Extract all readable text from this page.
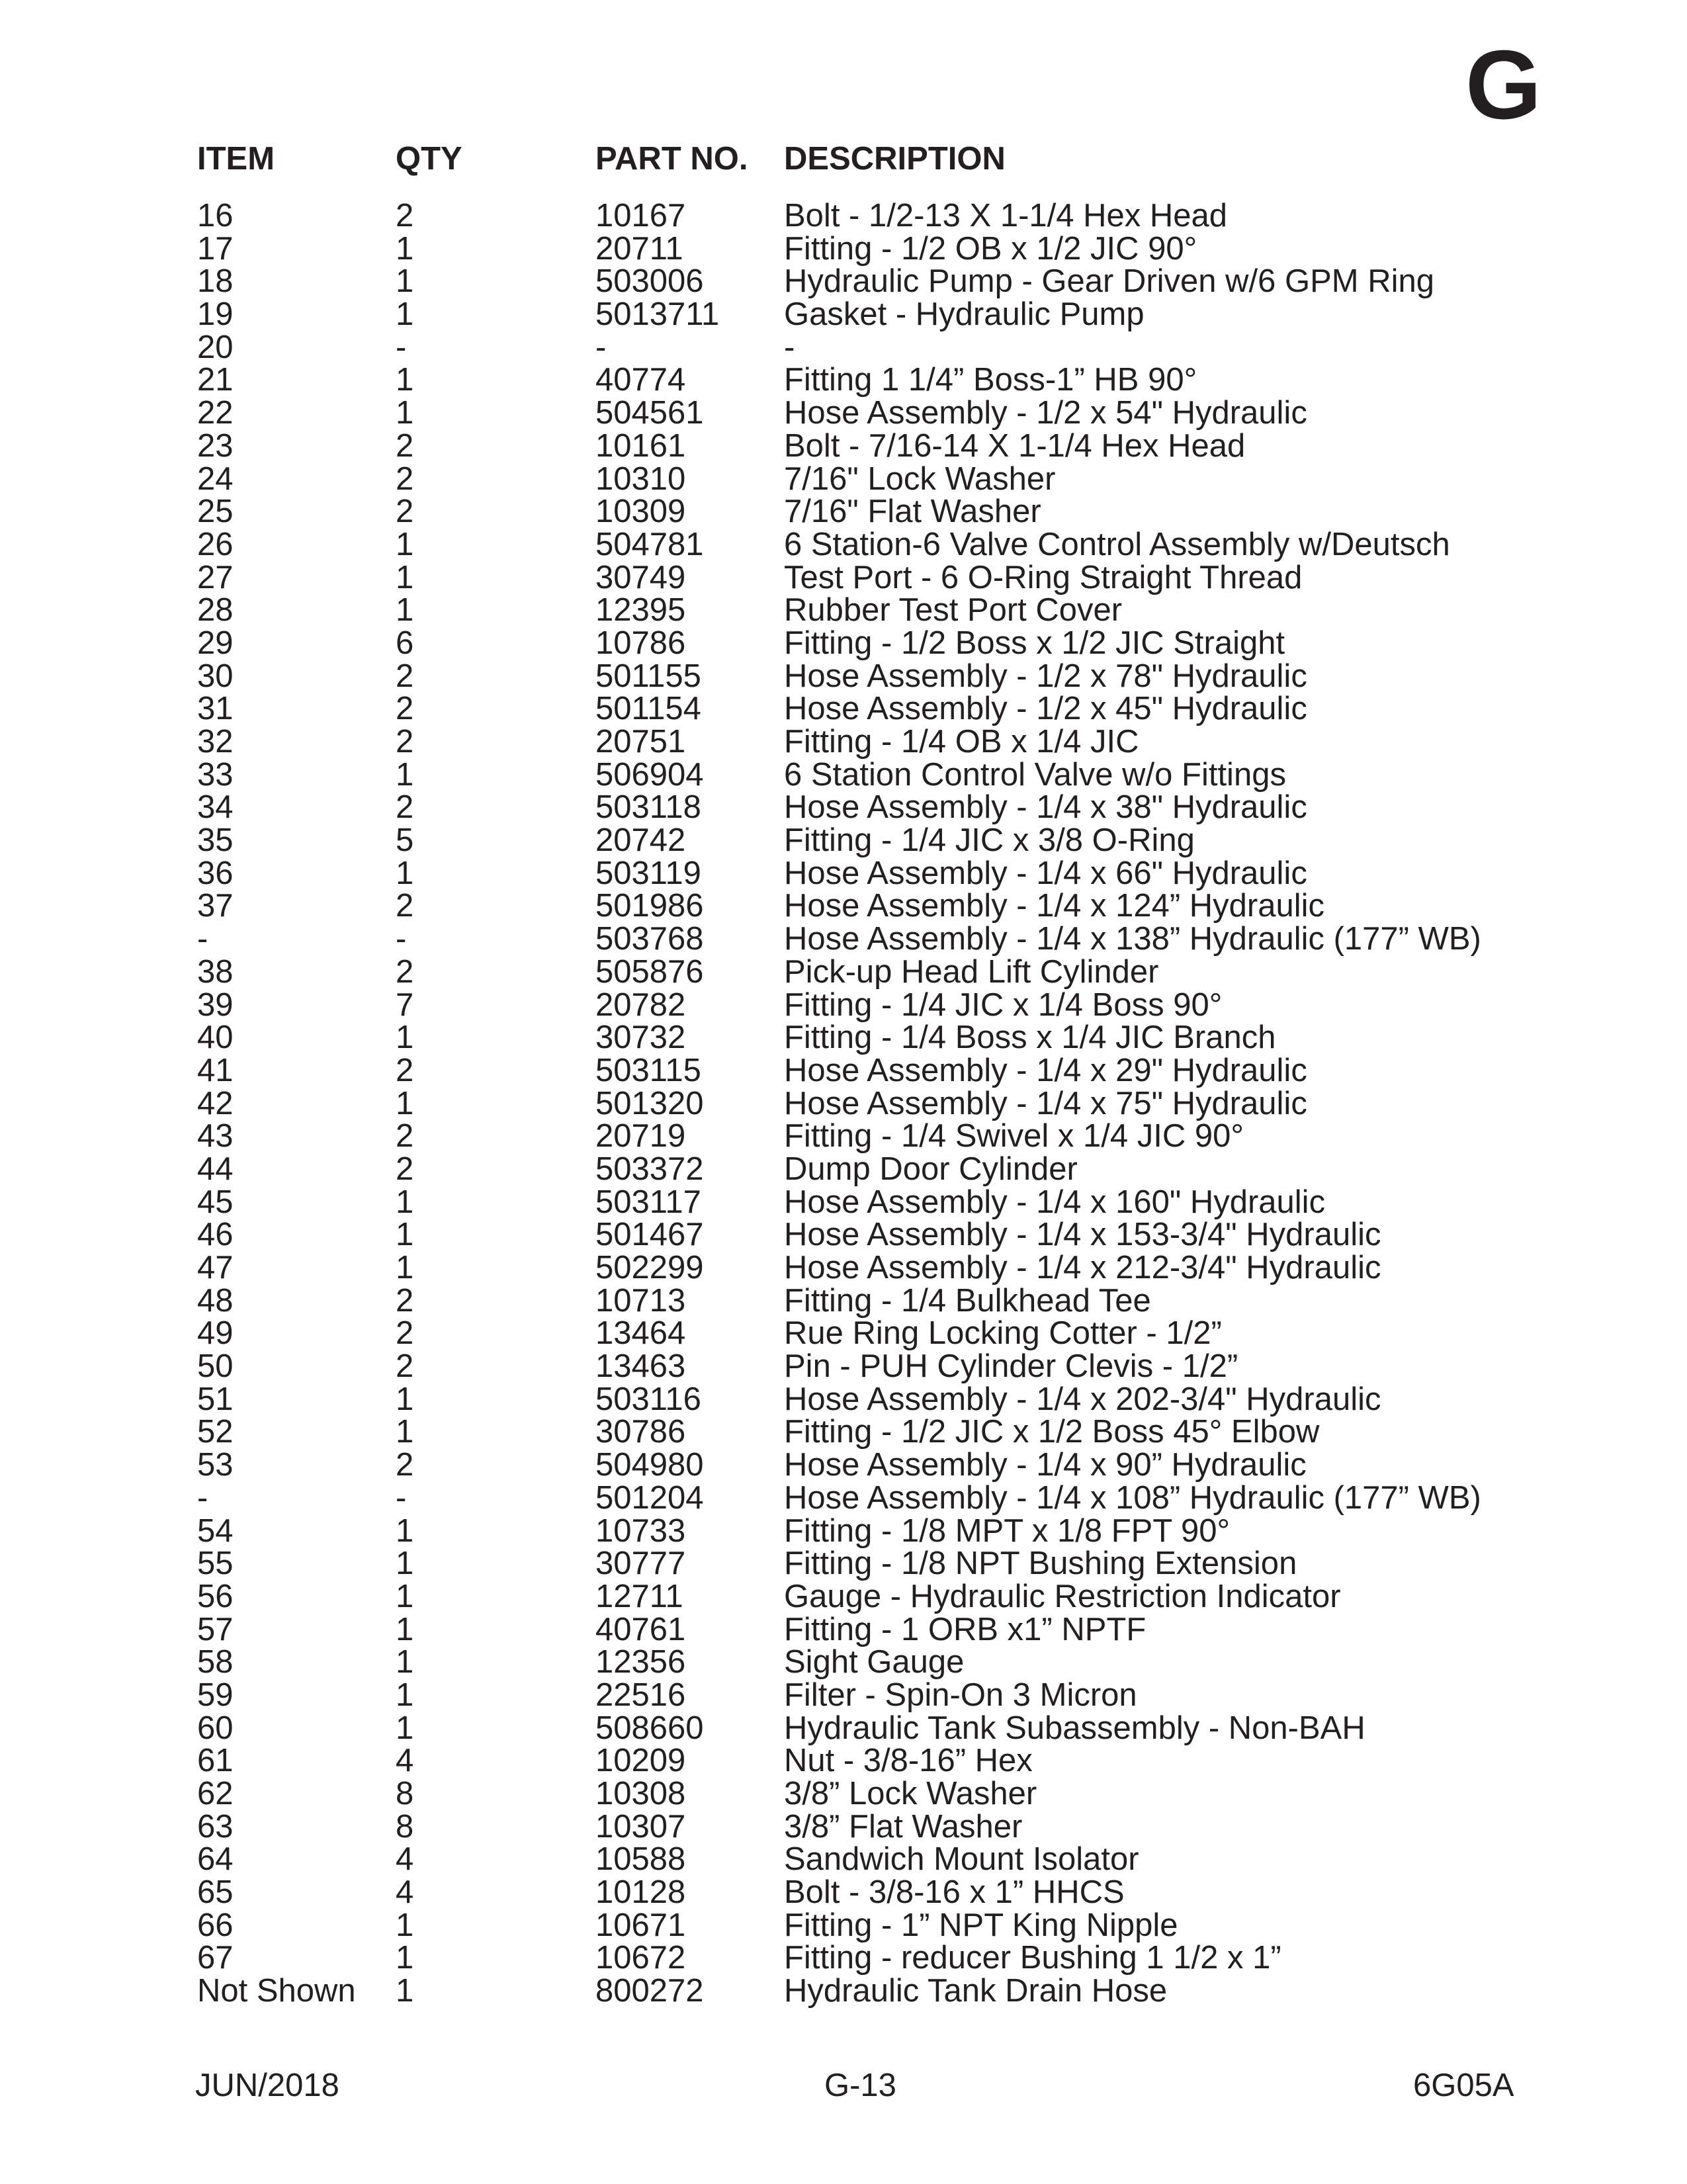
G
ITEM	QTY	PART NO. DESCRIPTION
16	2	10167	Bolt - 1/2-13 X 1-1/4 Hex Head
17	1	20711	Fitting - 1/2 OB x 1/2 JIC 90°
18	1	503006 Hydraulic Pump - Gear Driven w/6 GPM Ring
19	1	5013711 Gasket - Hydraulic Pump
20	-	-	-
21	1	40774	Fitting 1 1/4” Boss-1” HB 90°
22	1	504561 Hose Assembly - 1/2 x 54" Hydraulic
23	2	10161	Bolt - 7/16-14 X 1-1/4 Hex Head
24	2	10310	7/16" Lock Washer
25	2	10309	7/16" Flat Washer
26	1	504781 6 Station-6 Valve Control Assembly w/Deutsch
27	1	30749	Test Port - 6 O-Ring Straight Thread
28	1	12395	Rubber Test Port Cover
29	6	10786	Fitting - 1/2 Boss x 1/2 JIC Straight
30	2	501155	Hose Assembly - 1/2 x 78" Hydraulic
31	2	501154	Hose Assembly - 1/2 x 45" Hydraulic
32	2	20751	Fitting - 1/4 OB x 1/4 JIC
33	1	506904 6 Station Control Valve w/o Fittings
34	2	503118	Hose Assembly - 1/4 x 38" Hydraulic
35	5	20742	Fitting - 1/4 JIC x 3/8 O-Ring
36	1	503119	Hose Assembly - 1/4 x 66" Hydraulic
37	2	501986 Hose Assembly - 1/4 x 124” Hydraulic
-	-	503768 Hose Assembly - 1/4 x 138” Hydraulic (177” WB)
38	2	505876 Pick-up Head Lift Cylinder
39	7	20782	Fitting - 1/4 JIC x 1/4 Boss 90°
40	1	30732	Fitting - 1/4 Boss x 1/4 JIC Branch
41	2	503115	Hose Assembly - 1/4 x 29" Hydraulic
42	1	501320 Hose Assembly - 1/4 x 75" Hydraulic
43	2	20719	Fitting - 1/4 Swivel x 1/4 JIC 90°
44	2	503372 Dump Door Cylinder
45	1	503117	Hose Assembly - 1/4 x 160" Hydraulic
46	1	501467 Hose Assembly - 1/4 x 153-3/4" Hydraulic
47	1	502299 Hose Assembly - 1/4 x 212-3/4" Hydraulic
48	2	10713	Fitting - 1/4 Bulkhead Tee
49	2	13464	Rue Ring Locking Cotter - 1/2”
50	2	13463	Pin - PUH Cylinder Clevis - 1/2”
51	1	503116	Hose Assembly - 1/4 x 202-3/4" Hydraulic
52	1	30786	Fitting - 1/2 JIC x 1/2 Boss 45° Elbow
53	2	504980 Hose Assembly - 1/4 x 90” Hydraulic
-	-	501204 Hose Assembly - 1/4 x 108” Hydraulic (177” WB)
54	1	10733	Fitting - 1/8 MPT x 1/8 FPT 90°
55	1	30777	Fitting - 1/8 NPT Bushing Extension
56	1	12711	Gauge - Hydraulic Restriction Indicator
57	1	40761	Fitting - 1 ORB x1” NPTF
58	1	12356	Sight Gauge
59	1	22516	Filter - Spin-On 3 Micron
60	1	508660 Hydraulic Tank Subassembly - Non-BAH
61	4	10209	Nut - 3/8-16” Hex
62	8	10308	3/8” Lock Washer
63	8	10307	3/8” Flat Washer
64	4	10588	Sandwich Mount Isolator
65	4	10128	Bolt - 3/8-16 x 1” HHCS
66	1	10671	Fitting - 1” NPT King Nipple
67	1	10672	Fitting - reducer Bushing 1 1/2 x 1”
Not Shown 1	800272 Hydraulic Tank Drain Hose
JUN/2018	G-13	6G05A
